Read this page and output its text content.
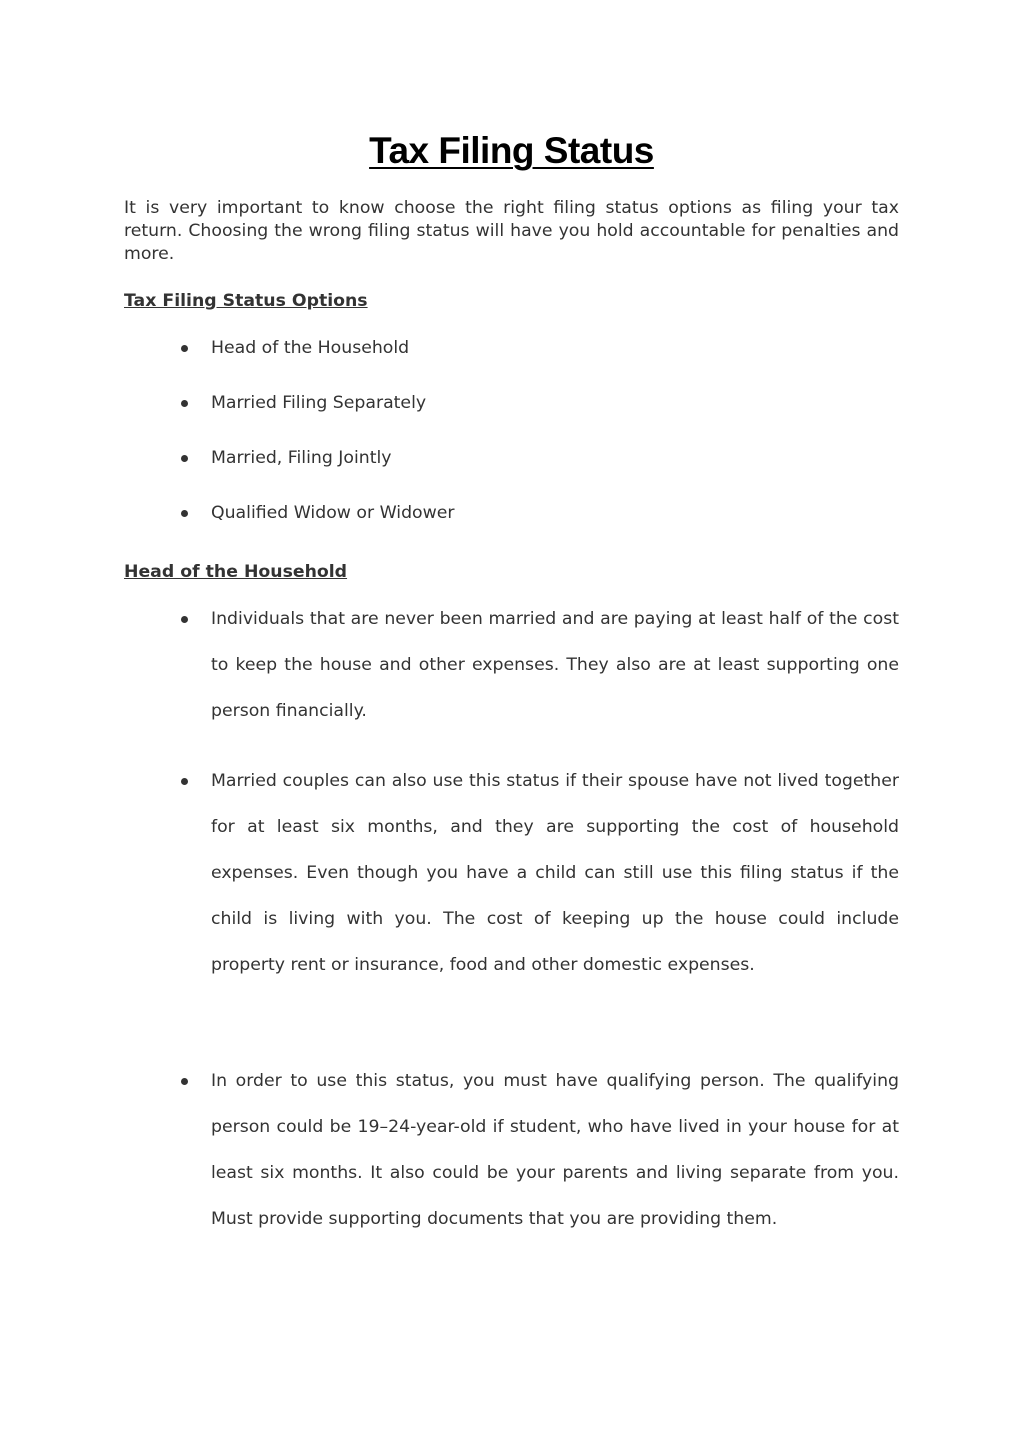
Tax Filing Status

It is very important to know choose the right filing status options as filing your tax return. Choosing the wrong filing status will have you hold accountable for penalties and more.

Tax Filing Status Options
Head of the Household
Married Filing Separately
Married, Filing Jointly
Qualified Widow or Widower
Head of the Household

Individuals that are never been married and are paying at least half of the cost to keep the house and other expenses. They also are at least supporting one person financially.

Married couples can also use this status if their spouse have not lived together for at least six months, and they are supporting the cost of household expenses. Even though you have a child can still use this filing status if the child is living with you. The cost of keeping up the house could include property rent or insurance, food and other domestic expenses.

In order to use this status, you must have qualifying person. The qualifying person could be 19–24-year-old if student, who have lived in your house for at least six months. It also could be your parents and living separate from you. Must provide supporting documents that you are providing them.
